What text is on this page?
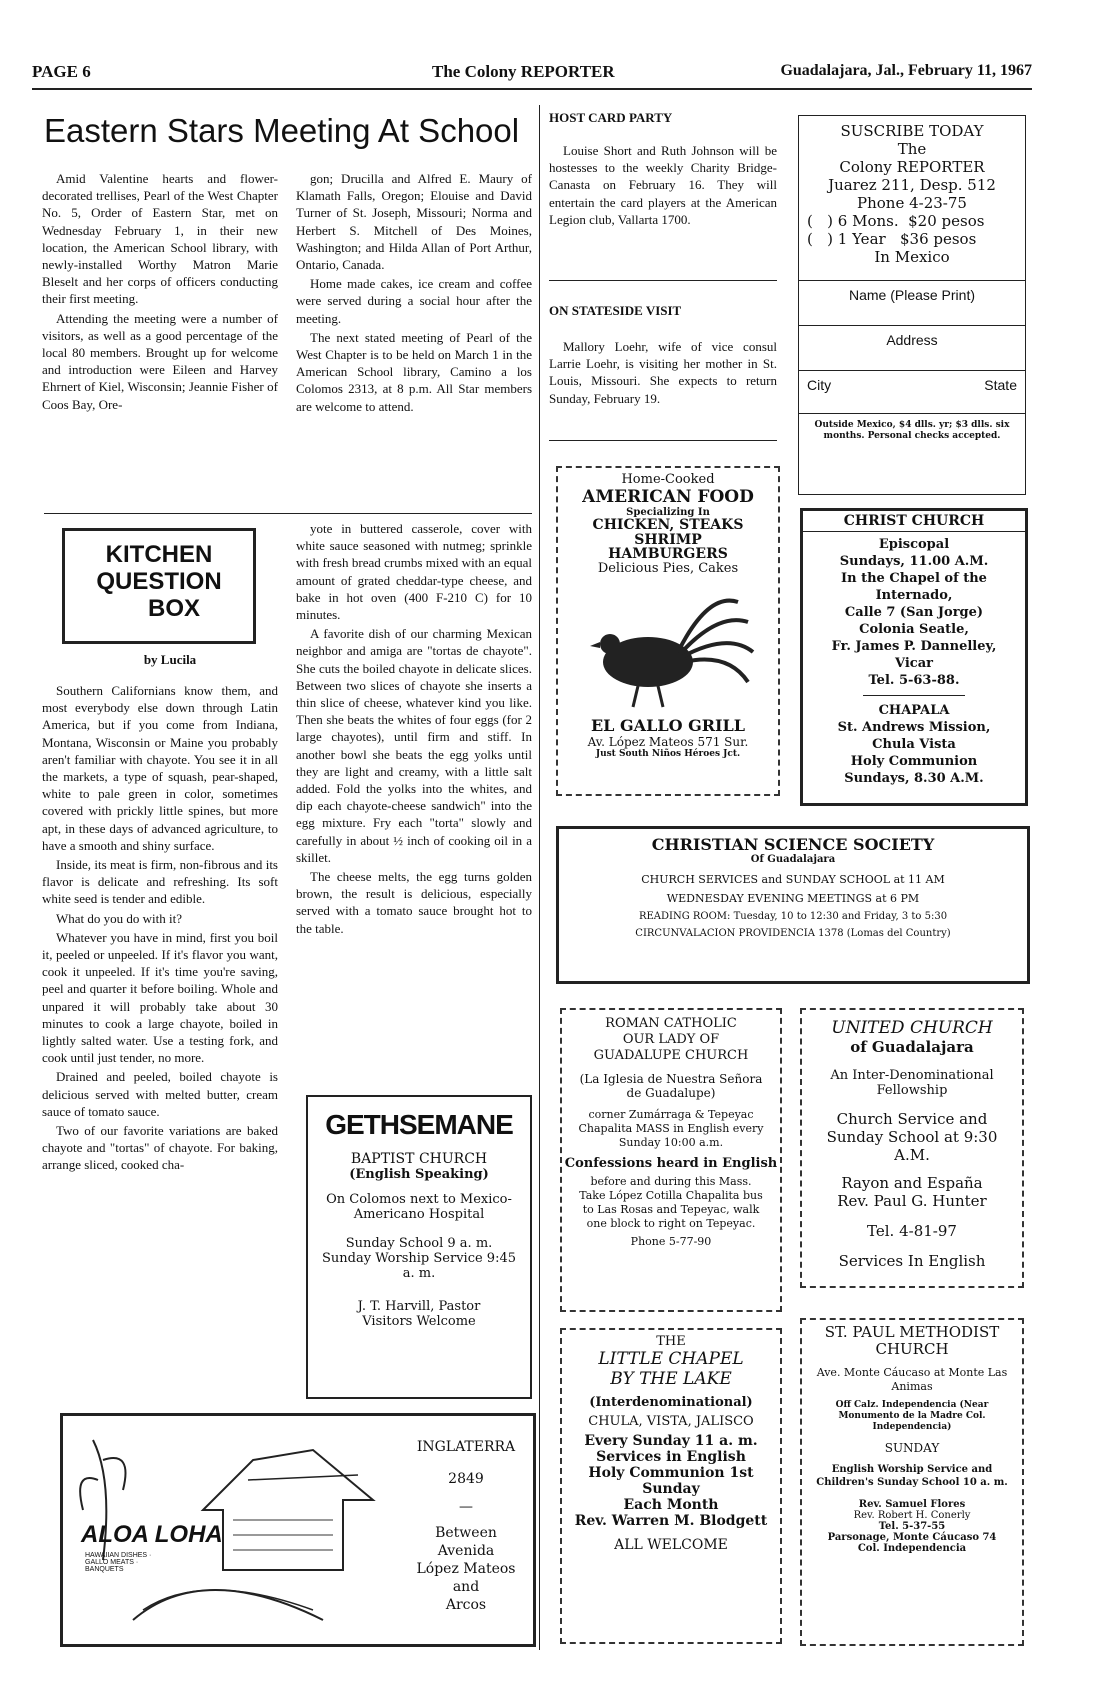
PAGE 6	The Colony REPORTER	Guadalajara, Jal., February 11, 1967
Eastern Stars Meeting At School

Amid Valentine hearts and flower-decorated trellises, Pearl of the West Chapter No. 5, Order of Eastern Star, met on Wednesday February 1, in their new location, the American School library, with newly-installed Worthy Matron Marie Bleselt and her corps of officers conducting their first meeting.

Attending the meeting were a number of visitors, as well as a good percentage of the local 80 members. Brought up for welcome and introduction were Eileen and Harvey Ehrnert of Kiel, Wisconsin; Jeannie Fisher of Coos Bay, Ore-

gon; Drucilla and Alfred E. Maury of Klamath Falls, Oregon; Elouise and David Turner of St. Joseph, Missouri; Norma and Herbert S. Mitchell of Des Moines, Washington; and Hilda Allan of Port Arthur, Ontario, Canada.

Home made cakes, ice cream and coffee were served during a social hour after the meeting.

The next stated meeting of Pearl of the West Chapter is to be held on March 1 in the American School library, Camino a los Colomos 2313, at 8 p.m. All Star members are welcome to attend.

KITCHEN
QUESTION
BOX
by Lucila

Southern Californians know them, and most everybody else down through Latin America, but if you come from Indiana, Montana, Wisconsin or Maine you probably aren't familiar with chayote. You see it in all the markets, a type of squash, pear-shaped, white to pale green in color, sometimes covered with prickly little spines, but more apt, in these days of advanced agriculture, to have a smooth and shiny surface.

Inside, its meat is firm, non-fibrous and its flavor is delicate and refreshing. Its soft white seed is tender and edible.

What do you do with it?

Whatever you have in mind, first you boil it, peeled or unpeeled. If it's flavor you want, cook it unpeeled. If it's time you're saving, peel and quarter it before boiling. Whole and unpared it will probably take about 30 minutes to cook a large chayote, boiled in lightly salted water. Use a testing fork, and cook until just tender, no more.

Drained and peeled, boiled chayote is delicious served with melted butter, cream sauce of tomato sauce.

Two of our favorite variations are baked chayote and "tortas" of chayote. For baking, arrange sliced, cooked cha-

yote in buttered casserole, cover with white sauce seasoned with nutmeg; sprinkle with fresh bread crumbs mixed with an equal amount of grated cheddar-type cheese, and bake in hot oven (400 F-210 C) for 10 minutes.

A favorite dish of our charming Mexican neighbor and amiga are "tortas de chayote". She cuts the boiled chayote in delicate slices. Between two slices of chayote she inserts a thin slice of cheese, whatever kind you like. Then she beats the whites of four eggs (for 2 large chayotes), until firm and stiff. In another bowl she beats the egg yolks until they are light and creamy, with a little salt added. Fold the yolks into the whites, and dip each chayote-cheese sandwich" into the egg mixture. Fry each "torta" slowly and carefully in about ½ inch of cooking oil in a skillet.

The cheese melts, the egg turns golden brown, the result is delicious, especially served with a tomato sauce brought hot to the table.

GETHSEMANE
BAPTIST CHURCH
(English Speaking)
On Colomos next to Mexico-Americano Hospital
Sunday School 9 a. m.
Sunday Worship Service 9:45 a. m.
J. T. Harvill, Pastor
Visitors Welcome
ALOA LOHA
HAWAIIAN DISHES · GALLO MEATS · BANQUETS
INGLATERRA
2849
—
Between
Avenida
López Mateos
and
Arcos
HOST CARD PARTY

Louise Short and Ruth Johnson will be hostesses to the weekly Charity Bridge-Canasta on February 16. They will entertain the card players at the American Legion club, Vallarta 1700.

ON STATESIDE VISIT

Mallory Loehr, wife of vice consul Larrie Loehr, is visiting her mother in St. Louis, Missouri. She expects to return Sunday, February 19.

SUSCRIBE TODAY
The
Colony REPORTER
Juarez 211, Desp. 512
Phone 4-23-75
(   ) 6 Mons.  $20 pesos
(   ) 1 Year   $36 pesos
In Mexico
Name (Please Print)
Address
City	State
Outside Mexico, $4 dlls. yr; $3 dlls. six months. Personal checks accepted.
Home-Cooked
AMERICAN FOOD
Specializing In
CHICKEN, STEAKS
SHRIMP
HAMBURGERS
Delicious Pies, Cakes
EL GALLO GRILL
Av. López Mateos 571 Sur.
Just South Niños Héroes Jct.
CHRIST CHURCH
Episcopal
Sundays, 11.00 A.M.
In the Chapel of the
Internado,
Calle 7 (San Jorge)
Colonia Seatle,
Fr. James P. Dannelley,
Vicar
Tel. 5-63-88.
CHAPALA
St. Andrews Mission,
Chula Vista
Holy Communion
Sundays, 8.30 A.M.
CHRISTIAN SCIENCE SOCIETY
Of Guadalajara
CHURCH SERVICES and SUNDAY SCHOOL at 11 AM
WEDNESDAY EVENING MEETINGS at 6 PM
READING ROOM: Tuesday, 10 to 12:30 and Friday, 3 to 5:30
CIRCUNVALACION PROVIDENCIA 1378 (Lomas del Country)
ROMAN CATHOLIC
OUR LADY OF
GUADALUPE CHURCH
(La Iglesia de Nuestra Señora de Guadalupe)
corner Zumárraga & Tepeyac Chapalita MASS in English every Sunday 10:00 a.m.
Confessions heard in English
before and during this Mass. Take López Cotilla Chapalita bus to Las Rosas and Tepeyac, walk one block to right on Tepeyac.
Phone 5-77-90
UNITED CHURCH
of Guadalajara
An Inter-Denominational Fellowship
Church Service and Sunday School at 9:30 A.M.
Rayon and España
Rev. Paul G. Hunter
Tel. 4-81-97
Services In English
THE
LITTLE CHAPEL
BY THE LAKE
(Interdenominational)
CHULA, VISTA, JALISCO
Every Sunday 11 a. m.
Services in English
Holy Communion 1st
Sunday
Each Month
Rev. Warren M. Blodgett
ALL WELCOME
ST. PAUL METHODIST CHURCH
Ave. Monte Cáucaso at Monte Las Animas
Off Calz. Independencia (Near Monumento de la Madre Col. Independencia)
SUNDAY
English Worship Service and Children's Sunday School 10 a. m.
Rev. Samuel Flores
Rev. Robert H. Conerly
Tel. 5-37-55
Parsonage, Monte Cáucaso 74
Col. Independencia
